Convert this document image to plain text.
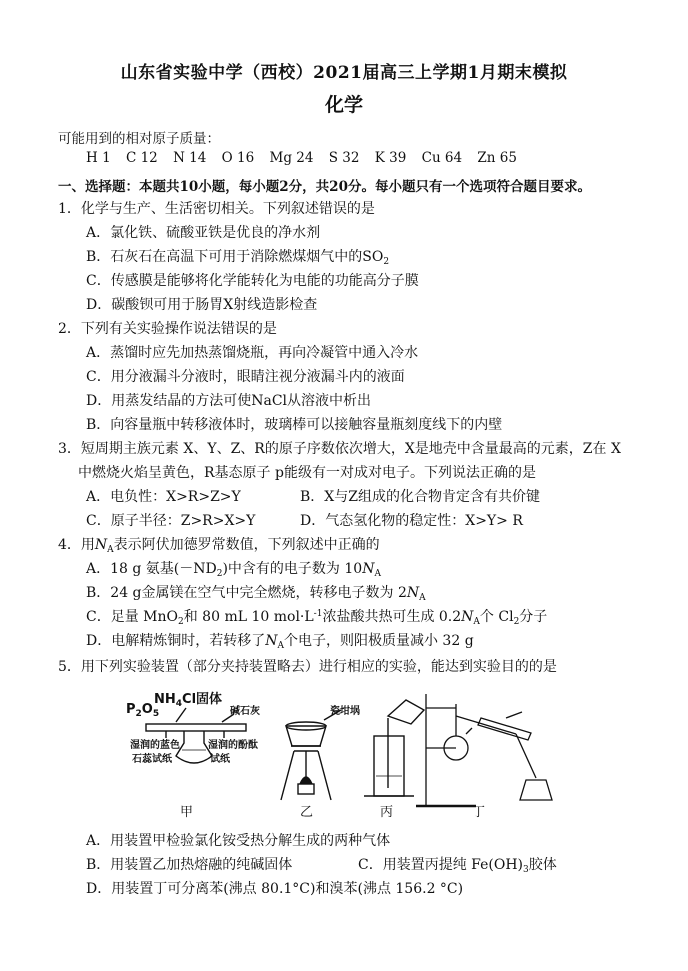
山东省实验中学（西校）2021届高三上学期1月期末模拟
化学
可能用到的相对原子质量：
H 1 C 12 N 14 O 16 Mg 24 S 32 K 39 Cu 64 Zn 65
一、选择题：本题共10小题，每小题2分，共20分。每小题只有一个选项符合题目要求。
1．化学与生产、生活密切相关。下列叙述错误的是
A．氯化铁、硫酸亚铁是优良的净水剂
B．石灰石在高温下可用于消除燃煤烟气中的$SO_2$
C．传感膜是能够将化学能转化为电能的功能高分子膜
D．碳酸钡可用于肠胃X射线造影检查
2．下列有关实验操作说法错误的是
A．蒸馏时应先加热蒸馏烧瓶，再向冷凝管中通入冷水
C．用分液漏斗分液时，眼睛注视分液漏斗内的液面
D．用蒸发结晶的方法可使NaCl从溶液中析出
B．向容量瓶中转移液体时，玻璃棒可以接触容量瓶刻度线下的内壁
3．短周期主族元素 X、Y、Z、R的原子序数依次增大，X是地壳中含量最高的元素，Z在 X
中燃烧火焰呈黄色，R基态原子 p能级有一对成对电子。下列说法正确的是
A．电负性：X>R>Z>Y	B．X与Z组成的化合物肯定含有共价键
C．原子半径：Z>R>X>Y	D．气态氢化物的稳定性：X>Y> R
4．用$N_A$表示阿伏加德罗常数值，下列叙述中正确的
A．18 g 氨基$(-ND_2)$中含有的电子数为 $10N_A$
B．24 g金属镁在空气中完全燃烧，转移电子数为 $2N_A$
C．足量 MnO$_2$和 80 mL 10 $mol\cdot L^{-1}$浓盐酸共热可生成 $0.2N_A$个 $Cl_2$分子
D．电解精炼铜时，若转移了$N_A$个电子，则阳极质量减小 32 g
5．用下列实验装置（部分夹持装置略去）进行相应的实验，能达到实验目的的是
$NH_4Cl$固体
$P_2O_5$	碱石灰
湿润的蓝色
石蕊试纸
湿润的酚酞
试纸
瓷坩埚
甲	乙	丙	丁
A．用装置甲检验氯化铵受热分解生成的两种气体
B．用装置乙加热熔融的纯碱固体	C．用装置丙提纯 $Fe(OH)_3$胶体
D．用装置丁可分离苯(沸点 80.1°C)和溴苯(沸点 156.2 °C)
